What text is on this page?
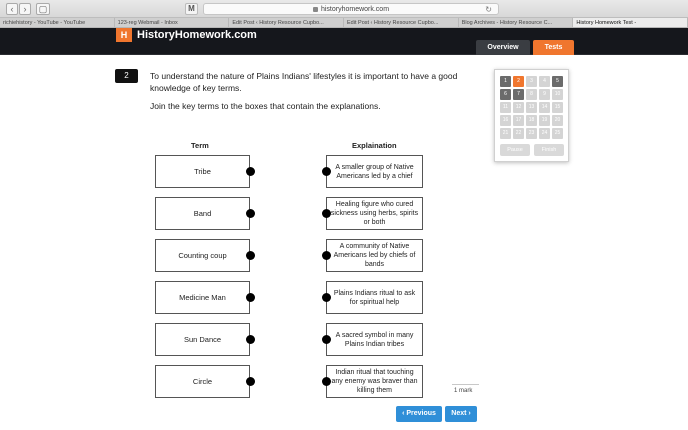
‹	›	▢	M	historyhomework.com	↻
richiehistory - YouTube - YouTube	123-reg Webmail - Inbox	Edit Post ‹ History Resource Cupbo...	Edit Post ‹ History Resource Cupbo...	Blog Archives - History Resource C...	History Homework Test -
H HistoryHomework.com
Overview	Tests
2	To understand the nature of Plains Indians' lifestyles it is important to have a good knowledge of key terms.
Join the key terms to the boxes that contain the explanations.
Term	Explaination
Tribe
Band
Counting coup
Medicine Man
Sun Dance
Circle
A smaller group of Native Americans led by a chief
Healing figure who cured sickness using herbs, spirits or both
A community of Native Americans led by chiefs of bands
Plains Indians ritual to ask for spiritual help
A sacred symbol in many Plains Indian tribes
Indian ritual that touching any enemy was braver than killing them
1	2	3	4	5
6	7	8	9	10
11	12	13	14	15
16	17	18	19	20
21	22	23	24	25
Pause	Finish
1 mark
‹ Previous	Next ›
